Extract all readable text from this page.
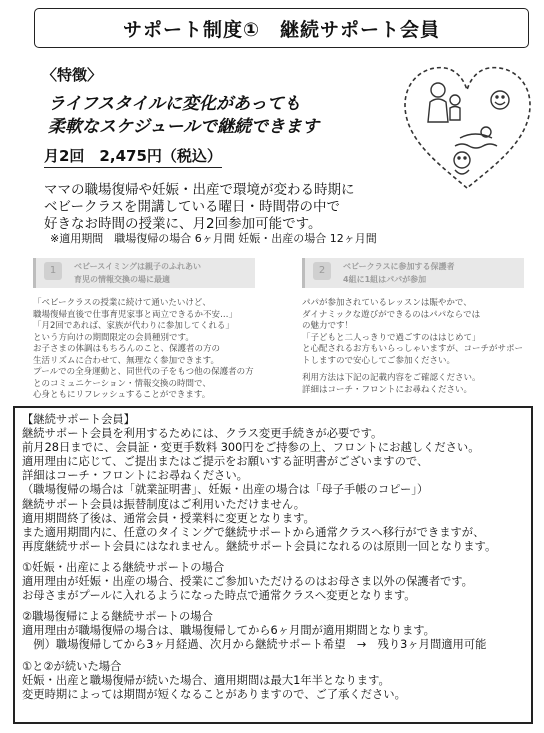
サポート制度①　継続サポート会員
〈特徴〉
ライフスタイルに変化があっても
柔軟なスケジュールで継続できます
月2回　2,475円（税込）
ママの職場復帰や妊娠・出産で環境が変わる時期に
ベビークラスを開講している曜日・時間帯の中で
好きなお時間の授業に、月2回参加可能です。
※適用期間　職場復帰の場合 6ヶ月間 妊娠・出産の場合 12ヶ月間
1	ベビースイミングは親子のふれあい
育児の情報交換の場に最適
「ベビークラスの授業に続けて通いたいけど、
職場復帰直後で仕事育児家事と両立できるか不安…」
「月2回であれば、家族が代わりに参加してくれる」
という方向けの期間限定の会員種別です。
お子さまの体調はもちろんのこと、保護者の方の
生活リズムに合わせて、無理なく参加できます。
プールでの全身運動と、同世代の子をもつ他の保護者の方
とのコミュニケーション・情報交換の時間で、
心身ともにリフレッシュすることができます。
2	ベビークラスに参加する保護者
4組に1組はパパが参加
パパが参加されているレッスンは賑やかで、
ダイナミックな遊びができるのはパパならでは
の魅力です！
「子どもと二人っきりで過ごすのははじめて」
と心配されるお方もいらっしゃいますが、コーチがサポー
トしますので安心してご参加ください。
利用方法は下記の記載内容をご確認ください。
詳細はコーチ・フロントにお尋ねください。
【継続サポート会員】
継続サポート会員を利用するためには、クラス変更手続きが必要です。
前月28日までに、会員証・変更手数料 300円をご持参の上、フロントにお越しください。
適用理由に応じて、ご提出またはご提示をお願いする証明書がございますので、
詳細はコーチ・フロントにお尋ねください。
（職場復帰の場合は「就業証明書」、妊娠・出産の場合は「母子手帳のコピー」）
継続サポート会員は振替制度はご利用いただけません。
適用期間終了後は、通常会員・授業料に変更となります。
また適用期間内に、任意のタイミングで継続サポートから通常クラスへ移行ができますが、
再度継続サポート会員にはなれません。継続サポート会員になれるのは原則一回となります。
①妊娠・出産による継続サポートの場合
適用理由が妊娠・出産の場合、授業にご参加いただけるのはお母さま以外の保護者です。
お母さまがプールに入れるようになった時点で通常クラスへ変更となります。
②職場復帰による継続サポートの場合
適用理由が職場復帰の場合は、職場復帰してから6ヶ月間が適用期間となります。
　例）職場復帰してから3ヶ月経過、次月から継続サポート希望　→　残り3ヶ月間適用可能
①と②が続いた場合
妊娠・出産と職場復帰が続いた場合、適用期間は最大1年半となります。
変更時期によっては期間が短くなることがありますので、ご了承ください。
